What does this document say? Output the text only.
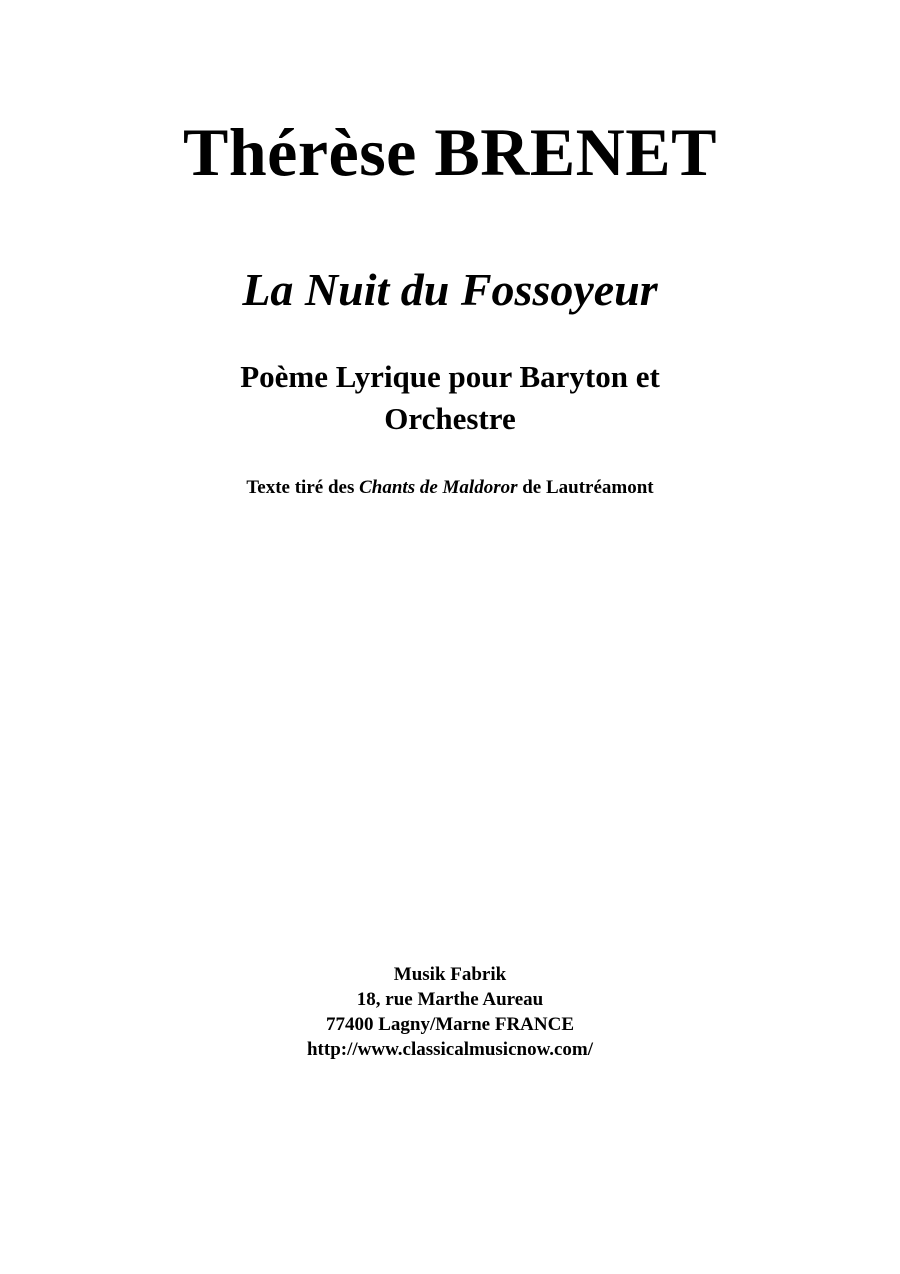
Thérèse BRENET
La Nuit du Fossoyeur
Poème Lyrique pour Baryton et
Orchestre
Texte tiré des Chants de Maldoror de Lautréamont
Musik Fabrik
18, rue Marthe Aureau
77400 Lagny/Marne FRANCE
http://www.classicalmusicnow.com/
